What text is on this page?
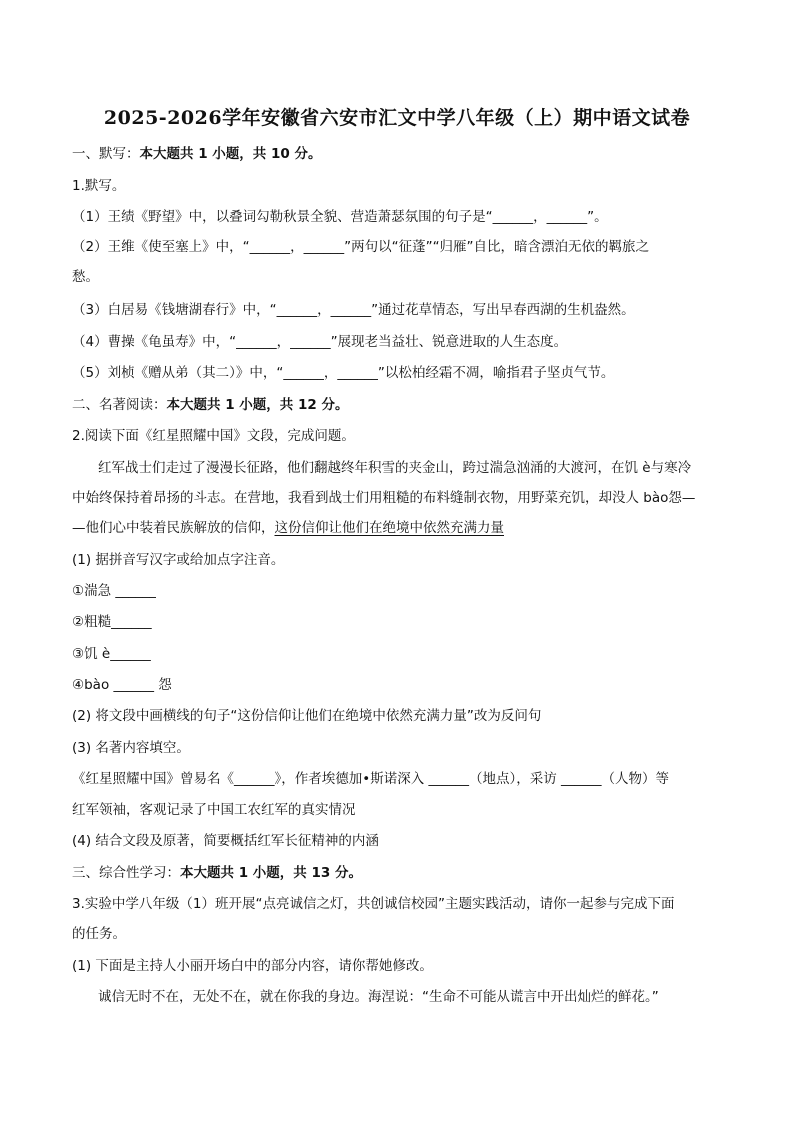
2025-2026学年安徽省六安市汇文中学八年级（上）期中语文试卷
一、默写：本大题共 1 小题，共 10 分。
1.默写。
（1）王绩《野望》中，以叠词勾勒秋景全貌、营造萧瑟氛围的句子是“______，______”。
（2）王维《使至塞上》中，“______，______”两句以“征蓬”“归雁”自比，暗含漂泊无依的羁旅之
愁。
（3）白居易《钱塘湖春行》中，“______，______”通过花草情态，写出早春西湖的生机盎然。
（4）曹操《龟虽寿》中，“______，______”展现老当益壮、锐意进取的人生态度。
（5）刘桢《赠从弟（其二）》中，“______，______”以松柏经霜不凋，喻指君子坚贞气节。
二、名著阅读：本大题共 1 小题，共 12 分。
2.阅读下面《红星照耀中国》文段，完成问题。
红军战士们走过了漫漫长征路，他们翻越终年积雪的夹金山，跨过湍急汹涌的大渡河，在饥 è与寒冷
中始终保持着昂扬的斗志。在营地，我看到战士们用粗糙的布料缝制衣物，用野菜充饥，却没人 bào怨—
—他们心中装着民族解放的信仰，这份信仰让他们在绝境中依然充满力量
(1) 据拼音写汉字或给加点字注音。
①湍急 ______
②粗糙______
③饥 è______
④bào ______ 怨
(2) 将文段中画横线的句子“这份信仰让他们在绝境中依然充满力量”改为反问句
(3) 名著内容填空。
《红星照耀中国》曾易名《______》，作者埃德加•斯诺深入 ______（地点），采访 ______（人物）等
红军领袖，客观记录了中国工农红军的真实情况
(4) 结合文段及原著，简要概括红军长征精神的内涵
三、综合性学习：本大题共 1 小题，共 13 分。
3.实验中学八年级（1）班开展“点亮诚信之灯，共创诚信校园”主题实践活动，请你一起参与完成下面
的任务。
(1) 下面是主持人小丽开场白中的部分内容，请你帮她修改。
诚信无时不在，无处不在，就在你我的身边。海涅说：“生命不可能从谎言中开出灿烂的鲜花。”
